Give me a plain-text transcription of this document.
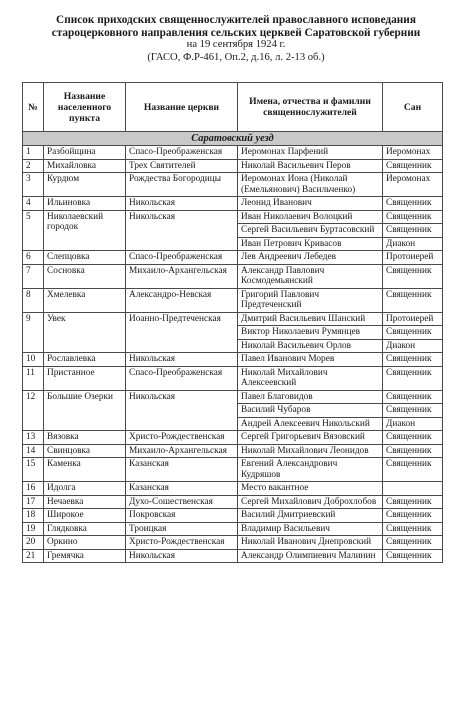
Список приходских священнослужителей православного исповедания
староцерковного направления сельских церквей Саратовской губернии
на 19 сентября 1924 г.
(ГАСО, Ф.Р-461, Оп.2, д.16, л. 2-13 об.)
№	Название населенного пункта	Название церкви	Имена, отчества и фамилии священнослужителей	Сан
Саратовский уезд				
1	Разбойщина	Спасо-Преображенская	Иеромонах Парфений	Иеромонах
2	Михайловка	Трех Святителей	Николай Васильевич Перов	Священник
3	Курдюм	Рождества Богородицы	Иеромонах Иона (Николай (Емельянович) Васильченко)	Иеромонах
4	Ильиновка	Никольская	Леонид Иванович	Священник
5	Николаевский городок	Никольская	Иван Николаевич Волоцкий	Священник
			Сергей Васильевич Буртасовский	Священник
			Иван Петрович Кривасов	Диакон
6	Слепцовка	Спасо-Преображенская	Лев Андреевич Лебедев	Протоиерей
7	Сосновка	Михаило-Архангельская	Александр Павлович Космодемьянский	Священник
8	Хмелевка	Александро-Невская	Григорий Павлович Предтеченский	Священник
9	Увек	Иоанно-Предтеченская	Дмитрий Васильевич Шанский	Протоиерей
			Виктор Николаевич Румянцев	Священник
			Николай Васильевич Орлов	Диакон
10	Рославлевка	Никольская	Павел Иванович Морев	Священник
11	Пристанное	Спасо-Преображенская	Николай Михайлович Алексеевский	Священник
12	Большие Озерки	Никольская	Павел Благовидов	Священник
			Василий Чубаров	Священник
			Андрей Алексеевич Никольский	Диакон
13	Вязовка	Христо-Рождественская	Сергей Григорьевич Вязовский	Священник
14	Свинцовка	Михаило-Архангельская	Николай Михайлович Леонидов	Священник
15	Каменка	Казанская	Евгений Александрович Кудряшов	Священник
16	Идолга	Казанская	Место вакантное	
17	Нечаевка	Духо-Сошественская	Сергей Михайлович Доброхлобов	Священник
18	Широкое	Покровская	Василий Дмитриевский	Священник
19	Глядковка	Троицкая	Владимир Васильевич	Священник
20	Оркино	Христо-Рождественская	Николай Иванович Днепровский	Священник
21	Гремячка	Никольская	Александр Олимпиевич Малинин	Священник
